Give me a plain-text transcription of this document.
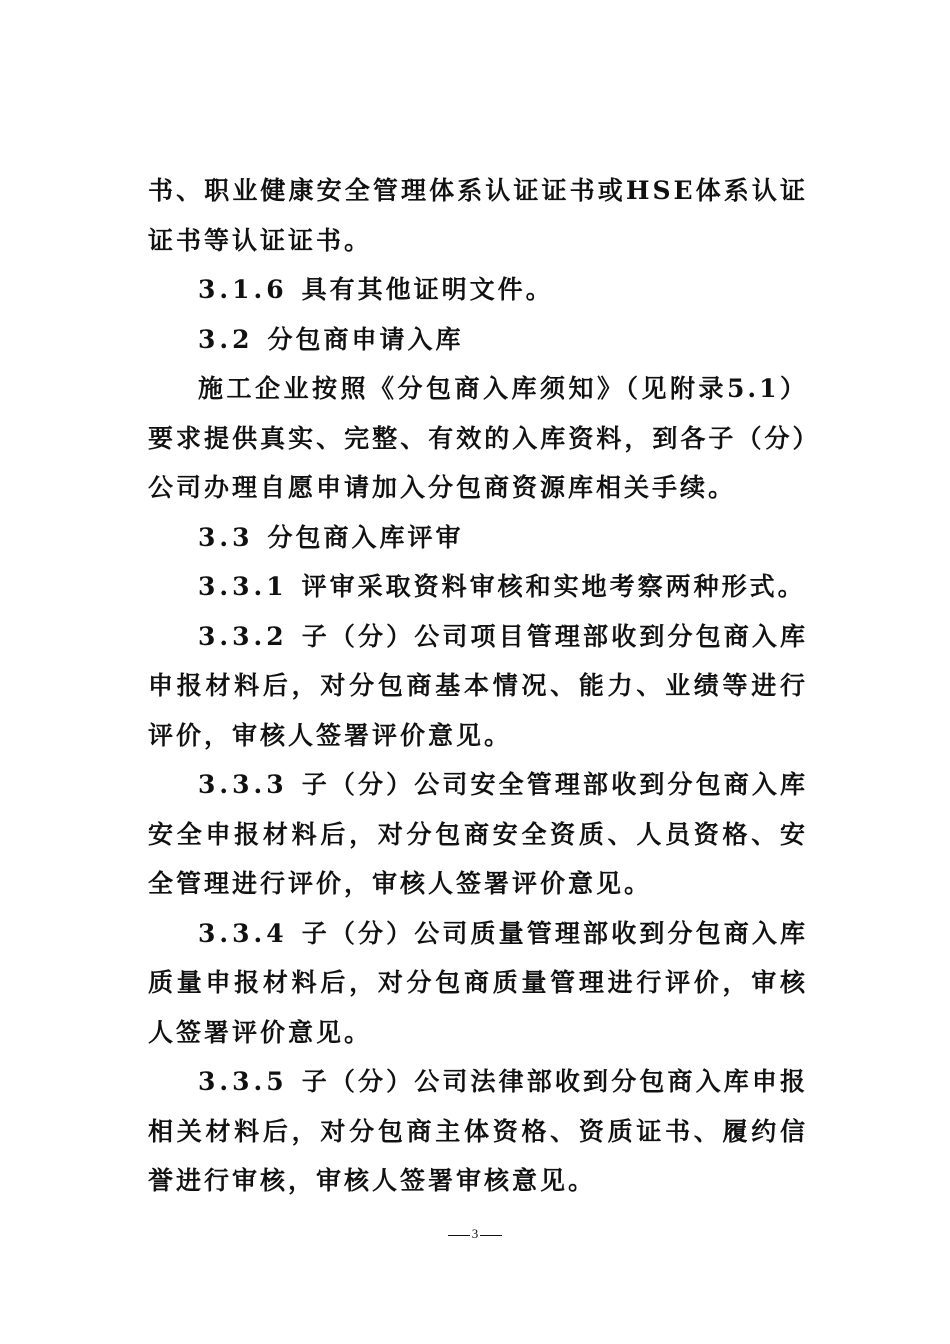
书、职业健康安全管理体系认证证书或HSE体系认证证书等认证证书。

3.1.6 具有其他证明文件。

3.2 分包商申请入库

施工企业按照《分包商入库须知》（见附录5.1）要求提供真实、完整、有效的入库资料，到各子（分）公司办理自愿申请加入分包商资源库相关手续。

3.3 分包商入库评审

3.3.1 评审采取资料审核和实地考察两种形式。

3.3.2 子（分）公司项目管理部收到分包商入库申报材料后，对分包商基本情况、能力、业绩等进行评价，审核人签署评价意见。

3.3.3 子（分）公司安全管理部收到分包商入库安全申报材料后，对分包商安全资质、人员资格、安全管理进行评价，审核人签署评价意见。

3.3.4 子（分）公司质量管理部收到分包商入库质量申报材料后，对分包商质量管理进行评价，审核人签署评价意见。

3.3.5 子（分）公司法律部收到分包商入库申报相关材料后，对分包商主体资格、资质证书、履约信誉进行审核，审核人签署审核意见。

3
